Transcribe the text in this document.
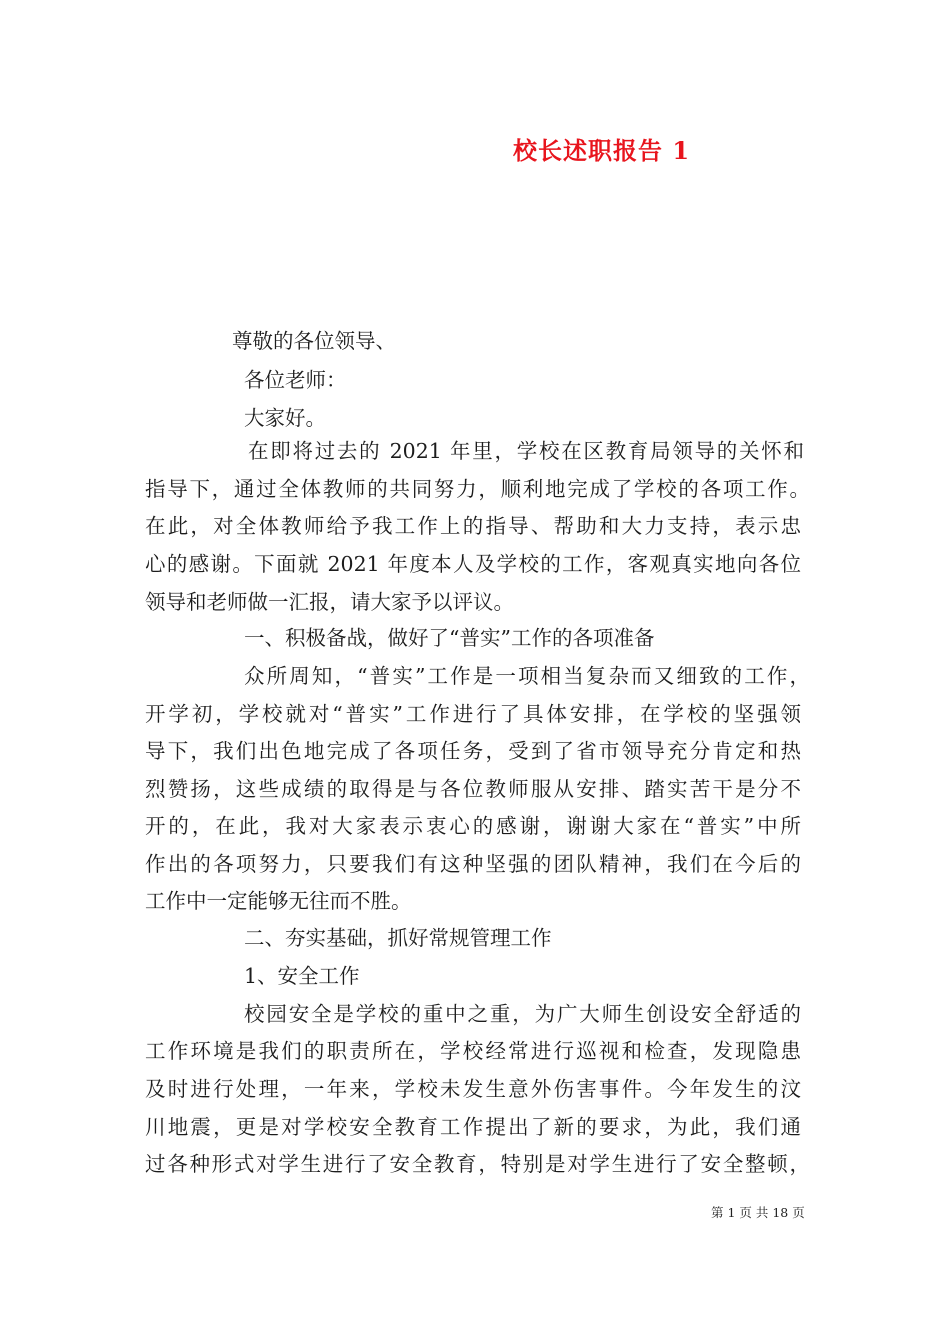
校长述职报告 1
尊敬的各位领导、
各位老师：
大家好。
在即将过去的 2021 年里，学校在区教育局领导的关怀和
指导下，通过全体教师的共同努力，顺利地完成了学校的各项工作。
在此，对全体教师给予我工作上的指导、帮助和大力支持，表示忠
心的感谢。下面就 2021 年度本人及学校的工作，客观真实地向各位
领导和老师做一汇报，请大家予以评议。
一、积极备战，做好了“普实”工作的各项准备
众所周知，“普实”工作是一项相当复杂而又细致的工作，
开学初，学校就对“普实”工作进行了具体安排，在学校的坚强领
导下，我们出色地完成了各项任务，受到了省市领导充分肯定和热
烈赞扬，这些成绩的取得是与各位教师服从安排、踏实苦干是分不
开的，在此，我对大家表示衷心的感谢，谢谢大家在“普实”中所
作出的各项努力，只要我们有这种坚强的团队精神，我们在今后的
工作中一定能够无往而不胜。
二、夯实基础，抓好常规管理工作
1、安全工作
校园安全是学校的重中之重，为广大师生创设安全舒适的
工作环境是我们的职责所在，学校经常进行巡视和检查，发现隐患
及时进行处理，一年来，学校未发生意外伤害事件。今年发生的汶
川地震，更是对学校安全教育工作提出了新的要求，为此，我们通
过各种形式对学生进行了安全教育，特别是对学生进行了安全整顿，
第 1 页 共 18 页
